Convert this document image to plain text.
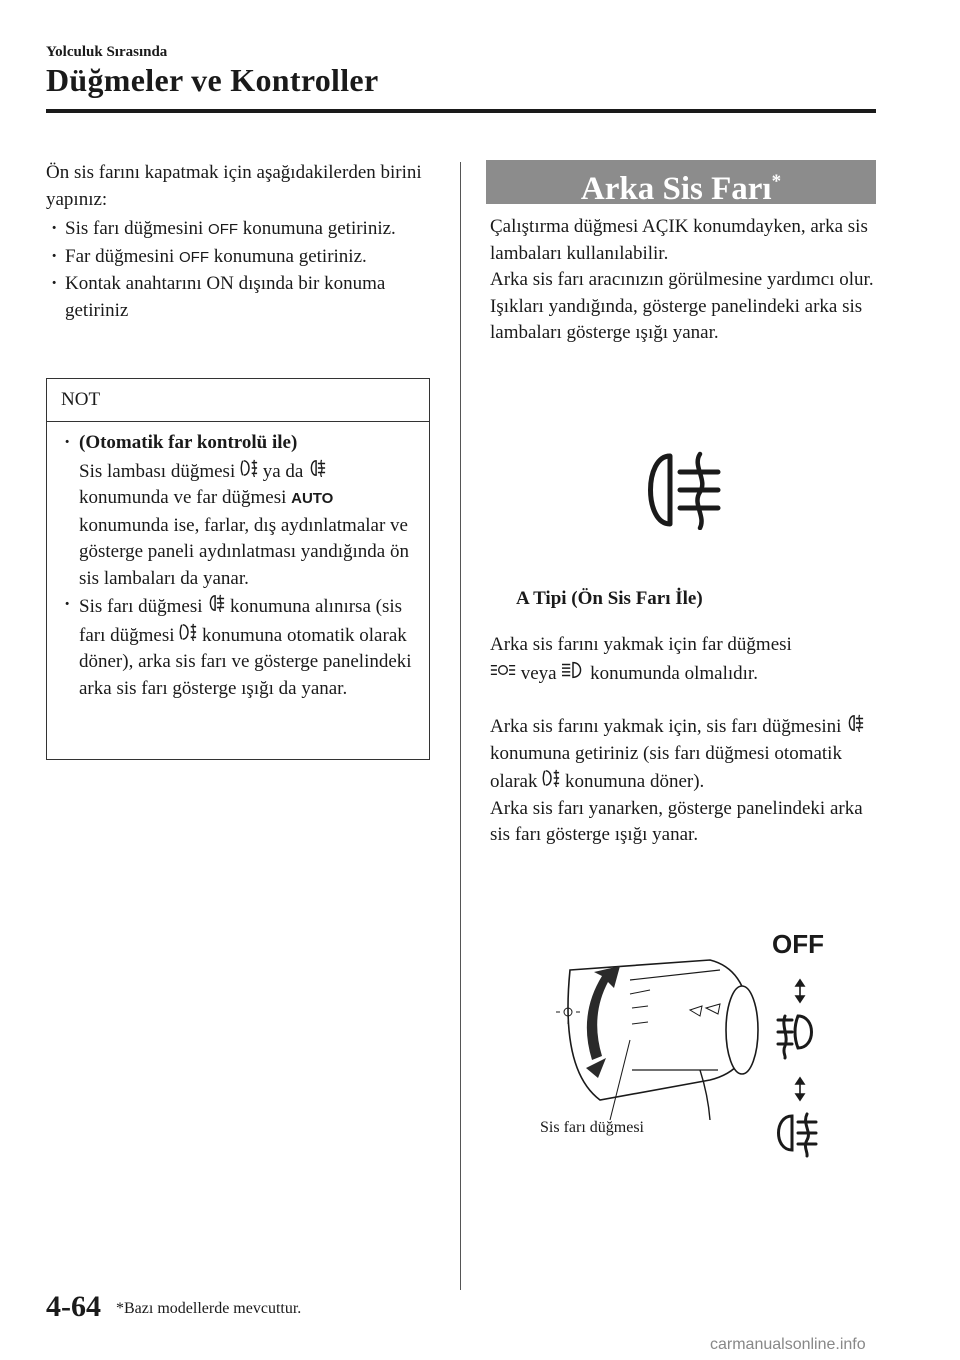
Yolculuk Sırasında
Düğmeler ve Kontroller

Ön sis farını kapatmak için aşağıdakilerden birini yapınız:

· Sis farı düğmesini OFF konumuna getiriniz.
· Far düğmesini OFF konumuna getiriniz.
· Kontak anahtarını ON dışında bir konuma getiriniz
NOT
· (Otomatik far kontrolü ile)
Sis lambası düğmesi ya da

konumunda ve far düğmesi AUTO konumunda ise, farlar, dış aydınlatmalar ve gösterge paneli aydınlatması yandığında ön sis lambaları da yanar.
· Sis farı düğmesi konumuna alınırsa (sis farı düğmesi konumuna otomatik olarak döner), arka sis farı ve gösterge panelindeki arka sis farı gösterge ışığı da yanar.
Arka Sis Farı*

Çalıştırma düğmesi AÇIK konumdayken, arka sis lambaları kullanılabilir.

Arka sis farı aracınızın görülmesine yardımcı olur.

Işıkları yandığında, gösterge panelindeki arka sis lambaları gösterge ışığı yanar.

A Tipi (Ön Sis Farı İle)

Arka sis farını yakmak için far düğmesi

veya konumunda olmalıdır.

Arka sis farını yakmak için, sis farı düğmesini
konumuna getiriniz (sis farı düğmesi otomatik olarak konumuna döner).

Arka sis farı yanarken, gösterge panelindeki arka sis farı gösterge ışığı yanar.

OFF
Sis farı düğmesi
4-64 *Bazı modellerde mevcuttur.
carmanualsonline.info
